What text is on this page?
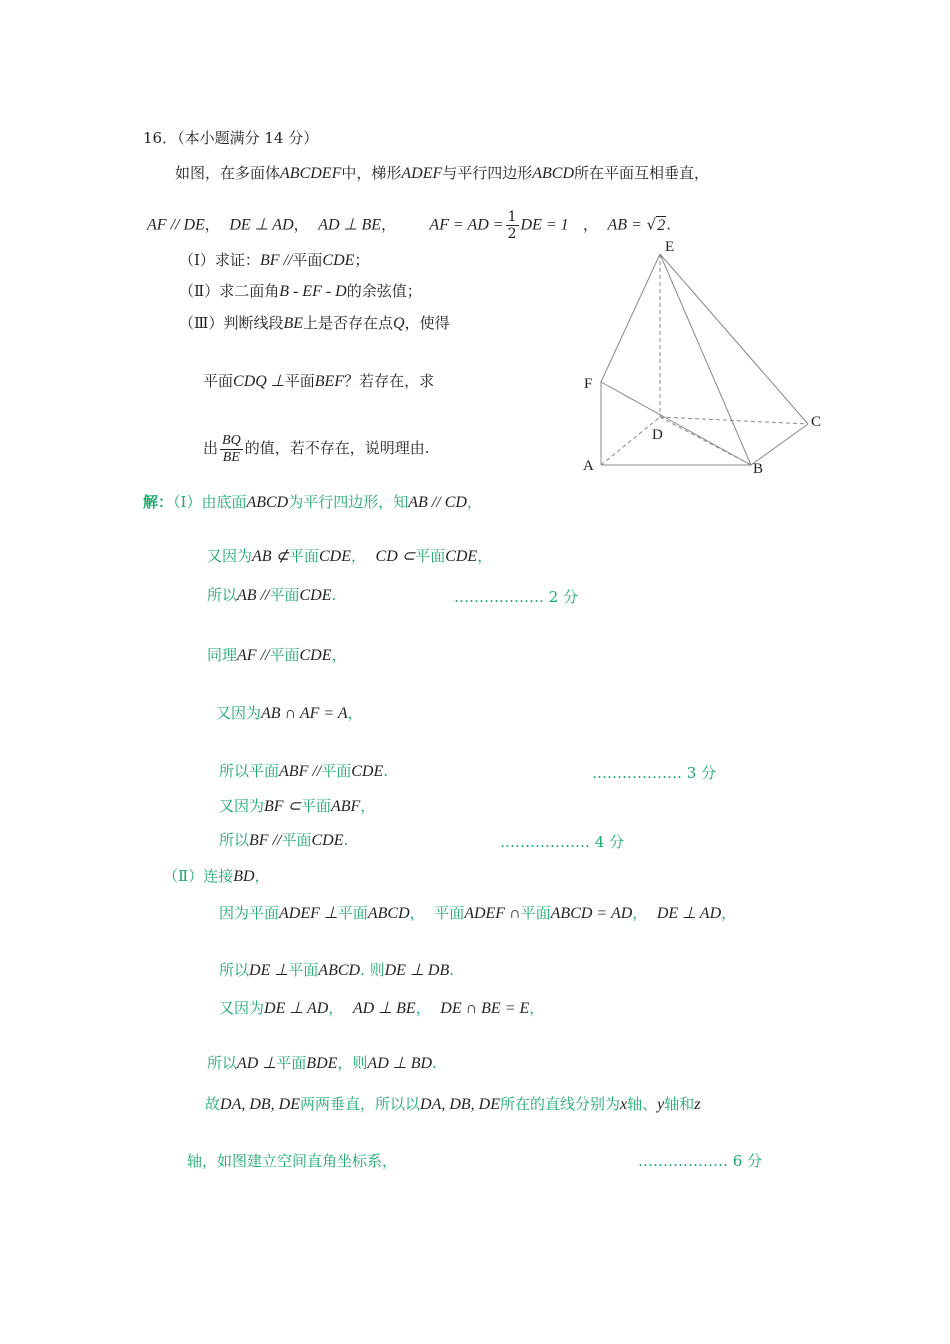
16．（本小题满分 14 分）
如图，在多面体ABCDEF中，梯形ADEF与平行四边形ABCD所在平面互相垂直，
AF // DE， DE ⊥ AD， AD ⊥ BE， AF = AD = $\frac{1}{2}$ DE = 1 ， AB = √2.
（Ⅰ）求证：BF //平面CDE；
（Ⅱ）求二面角B - EF - D的余弦值；
（Ⅲ）判断线段BE上是否存在点Q，使得
平面CDQ ⊥平面BEF？若存在，求
出 $\frac{BQ}{BE}$ 的值，若不存在，说明理由.
E
F
C
D
A	B
解：（Ⅰ）由底面ABCD为平行四边形，知AB // CD，
又因为AB ⊄平面CDE， CD ⊂平面CDE，
所以AB //平面CDE.	……………… 2 分
同理AF //平面CDE，
又因为AB ∩ AF = A，
所以平面ABF //平面CDE.	……………… 3 分
又因为BF ⊂平面ABF，
所以BF //平面CDE.	……………… 4 分
（Ⅱ）连接BD，
因为平面ADEF ⊥平面ABCD， 平面ADEF ∩平面ABCD = AD， DE ⊥ AD，
所以DE ⊥平面ABCD. 则DE ⊥ DB.
又因为DE ⊥ AD， AD ⊥ BE， DE ∩ BE = E，
所以AD ⊥平面BDE，则AD ⊥ BD.
故DA, DB, DE两两垂直，所以以DA, DB, DE所在的直线分别为x轴、y轴和z
轴，如图建立空间直角坐标系，	……………… 6 分
